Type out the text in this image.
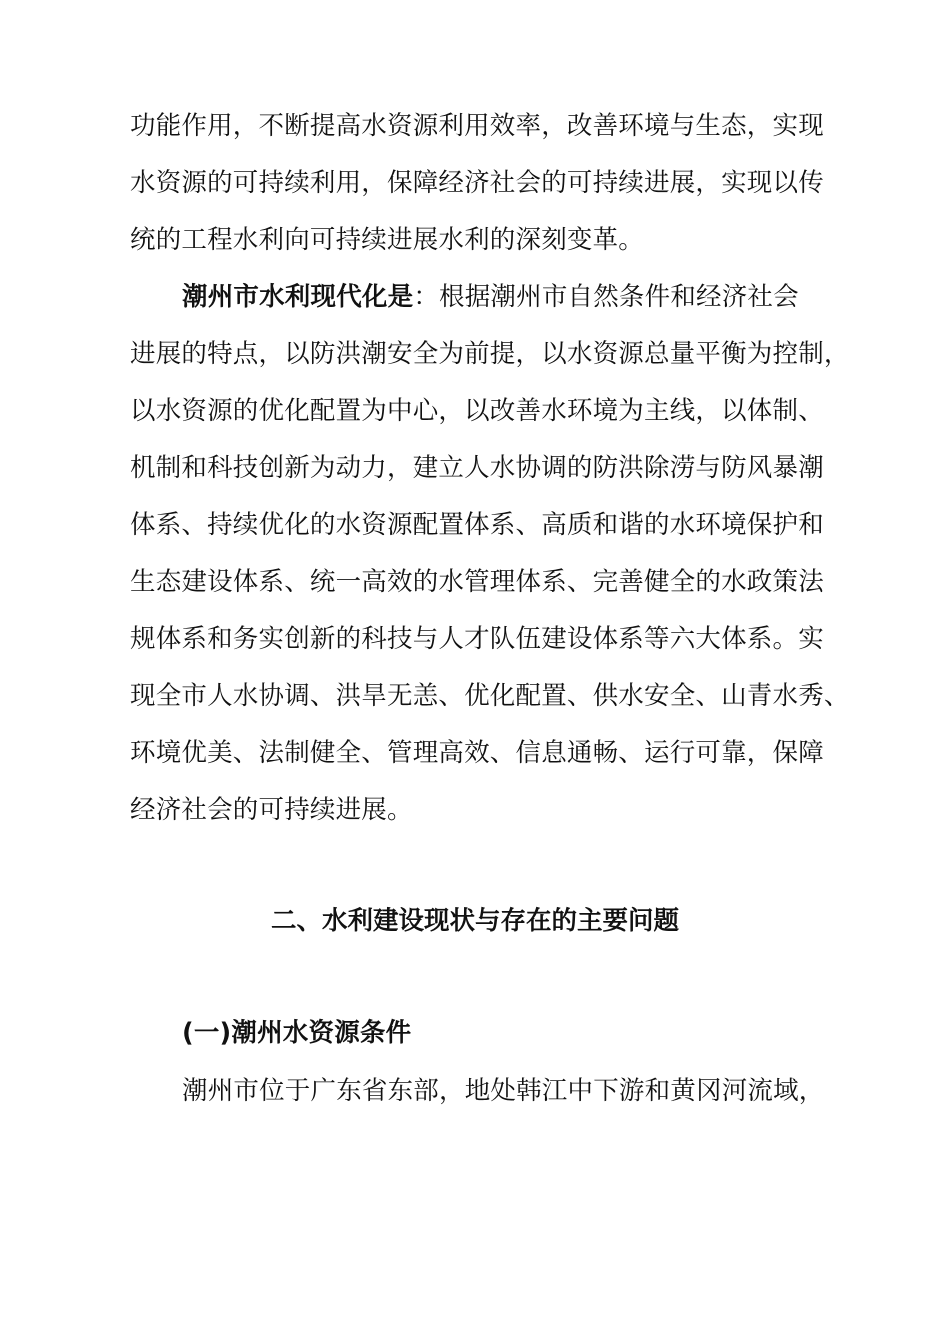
功能作用，不断提高水资源利用效率，改善环境与生态，实现
水资源的可持续利用，保障经济社会的可持续进展，实现以传
统的工程水利向可持续进展水利的深刻变革。
潮州市水利现代化是：根据潮州市自然条件和经济社会
进展的特点，以防洪潮安全为前提，以水资源总量平衡为控制，
以水资源的优化配置为中心，以改善水环境为主线，以体制、
机制和科技创新为动力，建立人水协调的防洪除涝与防风暴潮
体系、持续优化的水资源配置体系、高质和谐的水环境保护和
生态建设体系、统一高效的水管理体系、完善健全的水政策法
规体系和务实创新的科技与人才队伍建设体系等六大体系。实
现全市人水协调、洪旱无恙、优化配置、供水安全、山青水秀、
环境优美、法制健全、管理高效、信息通畅、运行可靠，保障
经济社会的可持续进展。
二、水利建设现状与存在的主要问题
(一)潮州水资源条件
潮州市位于广东省东部，地处韩江中下游和黄冈河流域，
